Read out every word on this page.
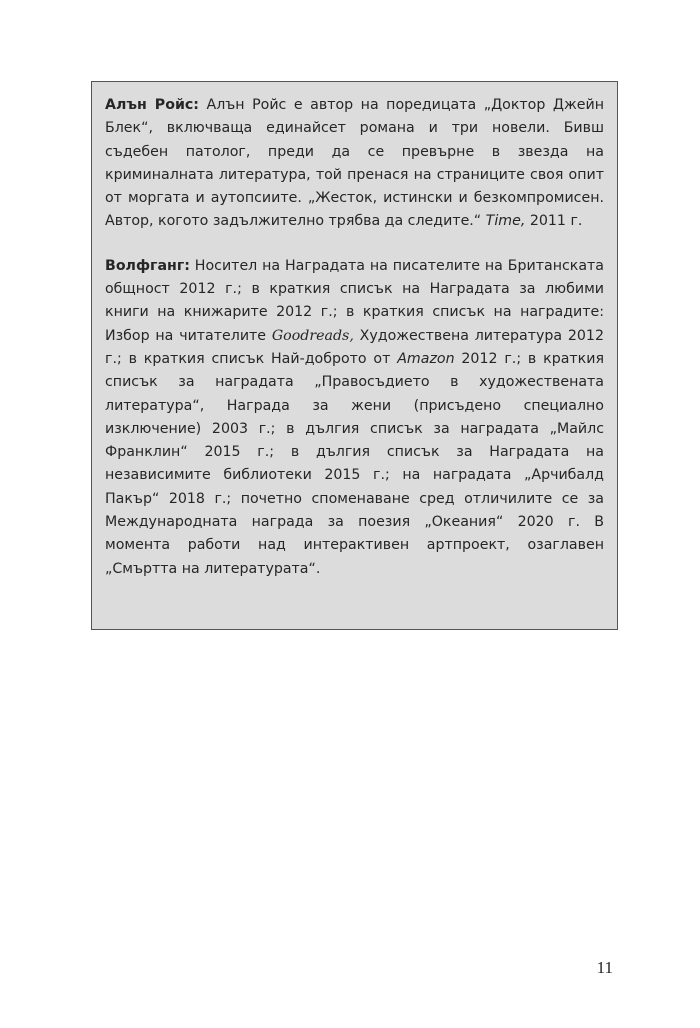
Алън Ройс: Алън Ройс е автор на поредицата „Доктор Джейн Блек“, включваща единайсет романа и три новели. Бивш съдебен патолог, преди да се превърне в звезда на криминалната литература, той пренася на страниците своя опит от моргата и аутопсиите. „Жесток, истински и безкомпромисен. Автор, когото задължително трябва да следите.“ Time, 2011 г.

Волфганг: Носител на Наградата на писателите на Британската общност 2012 г.; в краткия списък на Наградата за любими книги на книжарите 2012 г.; в краткия списък на наградите: Избор на читателите Goodreads, Художествена литература 2012 г.; в краткия списък Най-доброто от Amazon 2012 г.; в краткия списък за наградата „Правосъдието в художествената литература“, Награда за жени (присъдено специално изключение) 2003 г.; в дългия списък за наградата „Майлс Франклин“ 2015 г.; в дългия списък за Наградата на независимите библиотеки 2015 г.; на наградата „Арчибалд Пакър“ 2018 г.; почетно споменаване сред отличилите се за Международната награда за поезия „Океания“ 2020 г. В момента работи над интерактивен артпроект, озаглавен „Смъртта на литературата“.

11
